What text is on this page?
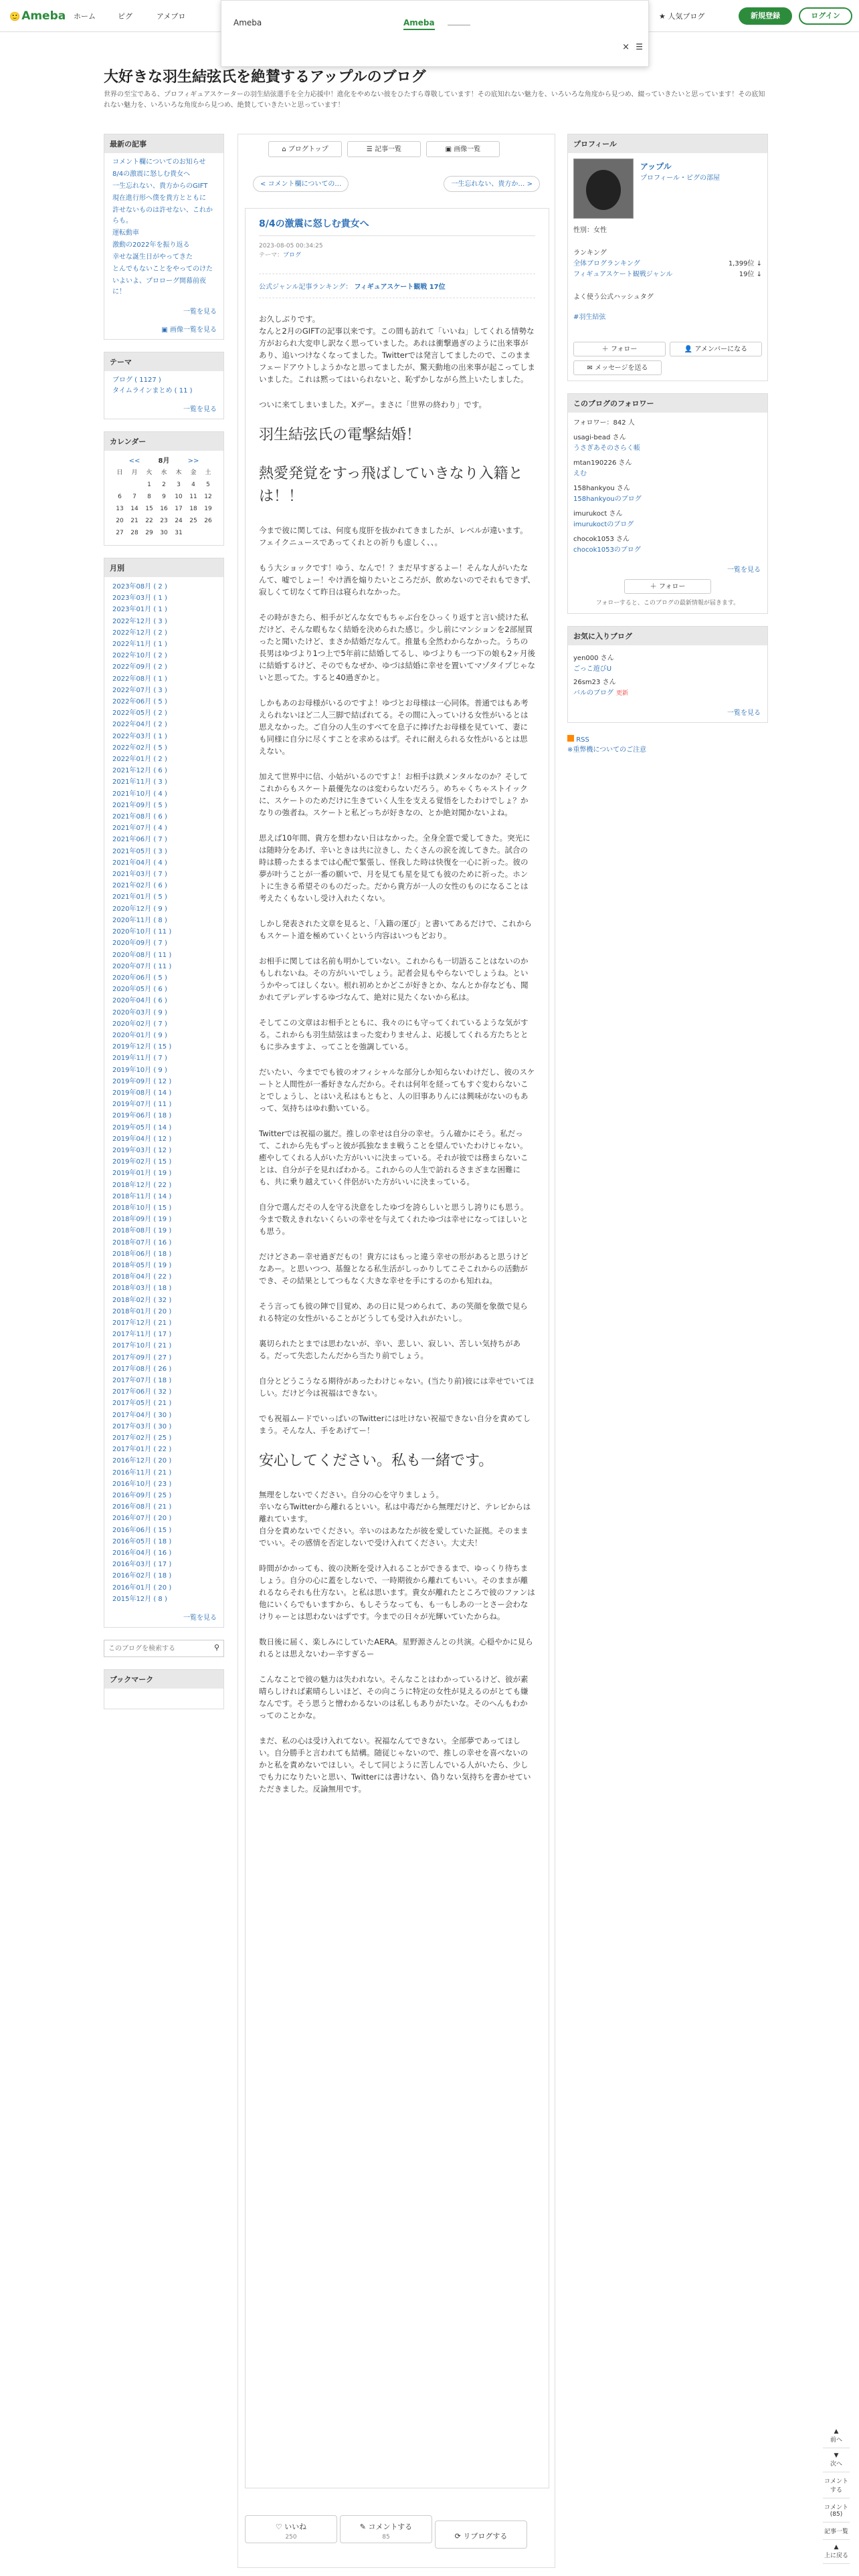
🙂 Ameba ホーム	ピグ	アメブロ	★ 人気ブログ	新規登録	ログイン
Ameba	Ameba
× ☰
大好きな羽生結弦氏を絶賛するアップルのブログ
世界の至宝である、プロフィギュアスケーターの羽生結弦選手を全力応援中！進化をやめない彼をひたすら尊敬しています！その底知れない魅力を、いろいろな角度から見つめ、綴っていきたいと思っています！その底知れない魅力を、いろいろな角度から見つめ、絶賛していきたいと思っています！
最新の記事
コメント欄についてのお知らせ
8/4の激震に怒しむ貴女へ
一生忘れない、貴方からのGIFT
現在進行形へ僕を貴方とともに
許せないものは許せない、これからも。
運転動車
激動の2022年を振り返る
幸せな誕生日がやってきた
とんでもないことをやってのけた
いよいよ、プロローグ開幕前夜に！
一覧を見る
▣ 画像一覧を見る
テーマ
ブログ ( 1127 )
タイムラインまとめ ( 11 )
一覧を見る
カレンダー
<<	8月	>>
日	月	火	水	木	金	土
		1	2	3	4	5
6	7	8	9	10	11	12
13	14	15	16	17	18	19
20	21	22	23	24	25	26
27	28	29	30	31		
月別
2023年08月 ( 2 )
2023年03月 ( 1 )
2023年01月 ( 1 )
2022年12月 ( 3 )
2022年12月 ( 2 )
2022年11月 ( 1 )
2022年10月 ( 2 )
2022年09月 ( 2 )
2022年08月 ( 1 )
2022年07月 ( 3 )
2022年06月 ( 5 )
2022年05月 ( 2 )
2022年04月 ( 2 )
2022年03月 ( 1 )
2022年02月 ( 5 )
2022年01月 ( 2 )
2021年12月 ( 6 )
2021年11月 ( 3 )
2021年10月 ( 4 )
2021年09月 ( 5 )
2021年08月 ( 6 )
2021年07月 ( 4 )
2021年06月 ( 7 )
2021年05月 ( 3 )
2021年04月 ( 4 )
2021年03月 ( 7 )
2021年02月 ( 6 )
2021年01月 ( 5 )
2020年12月 ( 9 )
2020年11月 ( 8 )
2020年10月 ( 11 )
2020年09月 ( 7 )
2020年08月 ( 11 )
2020年07月 ( 11 )
2020年06月 ( 5 )
2020年05月 ( 6 )
2020年04月 ( 6 )
2020年03月 ( 9 )
2020年02月 ( 7 )
2020年01月 ( 9 )
2019年12月 ( 15 )
2019年11月 ( 7 )
2019年10月 ( 9 )
2019年09月 ( 12 )
2019年08月 ( 14 )
2019年07月 ( 11 )
2019年06月 ( 18 )
2019年05月 ( 14 )
2019年04月 ( 12 )
2019年03月 ( 12 )
2019年02月 ( 15 )
2019年01月 ( 19 )
2018年12月 ( 22 )
2018年11月 ( 14 )
2018年10月 ( 15 )
2018年09月 ( 19 )
2018年08月 ( 19 )
2018年07月 ( 16 )
2018年06月 ( 18 )
2018年05月 ( 19 )
2018年04月 ( 22 )
2018年03月 ( 18 )
2018年02月 ( 32 )
2018年01月 ( 20 )
2017年12月 ( 21 )
2017年11月 ( 17 )
2017年10月 ( 21 )
2017年09月 ( 27 )
2017年08月 ( 26 )
2017年07月 ( 18 )
2017年06月 ( 32 )
2017年05月 ( 21 )
2017年04月 ( 30 )
2017年03月 ( 30 )
2017年02月 ( 25 )
2017年01月 ( 22 )
2016年12月 ( 20 )
2016年11月 ( 21 )
2016年10月 ( 23 )
2016年09月 ( 25 )
2016年08月 ( 21 )
2016年07月 ( 20 )
2016年06月 ( 15 )
2016年05月 ( 18 )
2016年04月 ( 16 )
2016年03月 ( 17 )
2016年02月 ( 18 )
2016年01月 ( 20 )
2015年12月 ( 8 )
一覧を見る
このブログを検索する
⚲
ブックマーク
⌂ ブログトップ	☰ 記事一覧	▣ 画像一覧
< コメント欄についての…	一生忘れない、貴方か… >
8/4の激震に怒しむ貴女へ
2023-08-05 00:34:25
テーマ：ブログ
公式ジャンル記事ランキング： フィギュアスケート観戦 17位

お久しぶりです。
なんと2月のGIFTの記事以来です。この間も訪れて「いいね」してくれる情勢な方がおられ大変申し訳なく思っていました。あれは衝撃過ぎのように出来事があり、追いつけなくなってました。Twitterでは発言してましたので、このままフェードアウトしようかなと思ってましたが、驚天動地の出来事が起こってしまいました。これは黙ってはいられないと、恥ずかしながら然上いたしました。

ついに来てしまいました。Xデー。まさに「世界の終わり」です。

羽生結弦氏の電撃結婚！
熱愛発覚をすっ飛ばしていきなり入籍とは！！

今まで彼に関しては、何度も度肝を抜かれてきましたが、レベルが違います。フェイクニュースであってくれとの祈りも虚しく、、。

もう大ショックです！ゆう、なんで！？まだ早すぎるよー！そんな人がいたなんて、嘘でしょー！やけ酒を煽りたいところだが、飲めないのでそれもできず、寂しくて切なくて昨日は寝られなかった。

その時がきたら、相手がどんな女でもちゃぶ台をひっくり返すと言い続けた私だけど、そんな暇もなく結婚を決められた感じ。少し前にマンションを2部屋買ったと聞いたけど、まさか結婚だなんて。推量も全然わからなかった。うちの長男はゆづより1つ上で5年前に結婚してるし、ゆづよりも一つ下の娘も2ヶ月後に結婚するけど、そのでもなぜか、ゆづは結婚に幸せを置いてマゾタイプじゃないと思ってた。すると40過ぎかと。

しかもあのお母様がいるのですよ！ゆづとお母様は一心同体。普通ではもあ考えられないほど二人三脚で結ばれてる。その間に入っていける女性がいるとは思えなかった。ご自分の人生のすべてを息子に捧げたお母様を見ていて、妻にも同様に自分に尽くすことを求めるはず。それに耐えられる女性がいるとは思えない。

加えて世界中に信、小姑がいるのですよ！お相手は鉄メンタルなのか？そしてこれからもスケート最優先なのは変わらないだろう。めちゃくちゃストイックに、スケートのためだけに生きていく人生を支える覚悟をしたわけでしょ？かなりの強者ね。スケートと私どっちが好きなの、とか絶対聞かないよね。

思えば10年間、貴方を想わない日はなかった。全身全霊で愛してきた。突光には随時分をあげ、辛いときは共に泣きし、たくさんの涙を流してきた。試合の時は勝ったまるまでは心配で緊張し、怪我した時は快復を一心に祈った。彼の夢が叶うことが一番の願いで、月を見ても星を見ても彼のために祈った。ホントに生きる希望そのものだった。だから貴方が一人の女性のものになることは考えたくもないし受け入れたくない。

しかし発表された文章を見ると、「入籍の運び」と書いてあるだけで、これからもスケート道を極めていくという内容はいつもどおり。

お相手に関しては名前も明かしていない。これからも一切語ることはないのかもしれないね。その方がいいでしょう。記者会見もやらないでしょうね。というかやってほしくない。根れ初めとかどこが好きとか、なんとか存なども、聞かれてデレデレするゆづなんて、絶対に見たくないから私は。

そしてこの文章はお相手とともに、我々のにも守ってくれているような気がする。これからも羽生結弦はまった変わりませんよ、応援してくれる方たちとともに歩みますよ、ってことを強調している。

だいたい、今まででも彼のオフィシャルな部分しか知らないわけだし、彼のスケートと人間性が一番好きなんだから。それは何年を経ってもすぐ変わらないことでしょうし、とはいえ私はもともと、人の旧事ありんには興味がないのもあって、気持ちはゆれ動いている。

Twitterでは祝福の嵐だ。推しの幸せは自分の幸せ。うん確かにそう。私だって、これから先もずっと彼が孤独なまま戦うことを望んでいたわけじゃない。癒やしてくれる人がいた方がいいに決まっている。それが彼では務まらないことは、自分が子を見ればわかる。これからの人生で訪れるさまざまな困難にも、共に乗り越えていく伴侶がいた方がいいに決まっている。

自分で選んだその人を守る決意をしたゆづを誇らしいと思うし誇りにも思う。今まで数えきれないくらいの幸せを与えてくれたゆづは幸せになってほしいとも思う。

だけどさあー幸せ過ぎだもの！貴方にはもっと違う幸せの形があると思うけどなあー。と思いつつ、基盤となる私生活がしっかりしてこそこれからの活動ができ、その結果としてつもなく大きな幸せを手にするのかも知れね。

そう言っても彼の陣で目覚め、あの日に見つめられて、あの笑顔を象徴で見られる特定の女性がいることがどうしても受け入れがたいし。

裏切られたとまでは思わないが、辛い、悲しい、寂しい、苦しい気持ちがある。だって失恋したんだから当たり前でしょう。

自分とどうこうなる期待があったわけじゃない。(当たり前)彼には幸せでいてほしい。だけど今は祝福はできない。

でも祝福ムードでいっぱいのTwitterには吐けない祝福できない自分を責めてしまう。そんな人、手をあげてー！

安心してください。私も一緒です。

無理をしないでください。自分の心を守りましょう。
辛いならTwitterから離れるといい。私は中毒だから無理だけど、テレビからは離れています。
自分を責めないでください。辛いのはあなたが彼を愛していた証拠。そのままでいい。その感情を否定しないで受け入れてください。大丈夫！

時間がかかっても、彼の決断を受け入れることができるまで、ゆっくり待ちましょう。自分の心に蓋をしないで、一時期彼から離れてもいい。そのままが離れるならそれも仕方ない。と私は思います。貴女が離れたところで彼のファンは他にいくらでもいますから、もしそうなっても、も一もしあの一とさー会わなけりゃーとは思わないはずです。今までの日々が光輝いていたからね。

数日後に届く、楽しみにしていたAERA。星野源さんとの共演。心穏やかに見られるとは思えないわー辛すぎるー

こんなことで彼の魅力は失われない。そんなことはわかっているけど、彼が素晴らしければ素晴らしいほど、その向こうに特定の女性が見えるのがとても嫌なんです。そう思うと憎わかるないのは私しもありがたいな。そのへんもわかってのことかな。

まだ、私の心は受け入れてない。祝福なんてできない。全部夢であってほしい。自分勝手と言われても結構。随従じゃないので、推しの幸せを喜べないのかと私を責めないでほしい。そして同じように苦しんでいる人がいたら、少しでも力になりたいと思い、Twitterには書けない、偽りない気持ちを書かせていただきました。反論無用です。

♡ いいね
250✎ コメントする
85	⟳ リブログする
プロフィール
アップル
プロフィール・ピグの部屋
性別：女性
ランキング
全体ブログランキング	1,399位 ↓
フィギュアスケート観戦ジャンル	19位 ↓
よく使う公式ハッシュタグ
#羽生結弦
＋ フォロー	👤 アメンバーになる
✉ メッセージを送る
このブログのフォロワー
フォロワー：842 人
usagi-bead さん
うさぎあそのさらく帳
mtan190226 さん
えむ
158hankyou さん
158hankyouのブログ
imurukoct さん
imurukoctのブログ
chocok1053 さん
chocok1053のブログ
一覧を見る
＋ フォロー
フォローすると、このブログの最新情報が届きます。
お気に入りブログ
yen000 さん
ごっこ遊びU
26sm23 さん
バルのブログ 更新
一覧を見る
RSS
※重弊機についてのご注意
▲
前へ
▼
次へ
コメントする
コメント(85)
記事一覧
▲
上に戻る
